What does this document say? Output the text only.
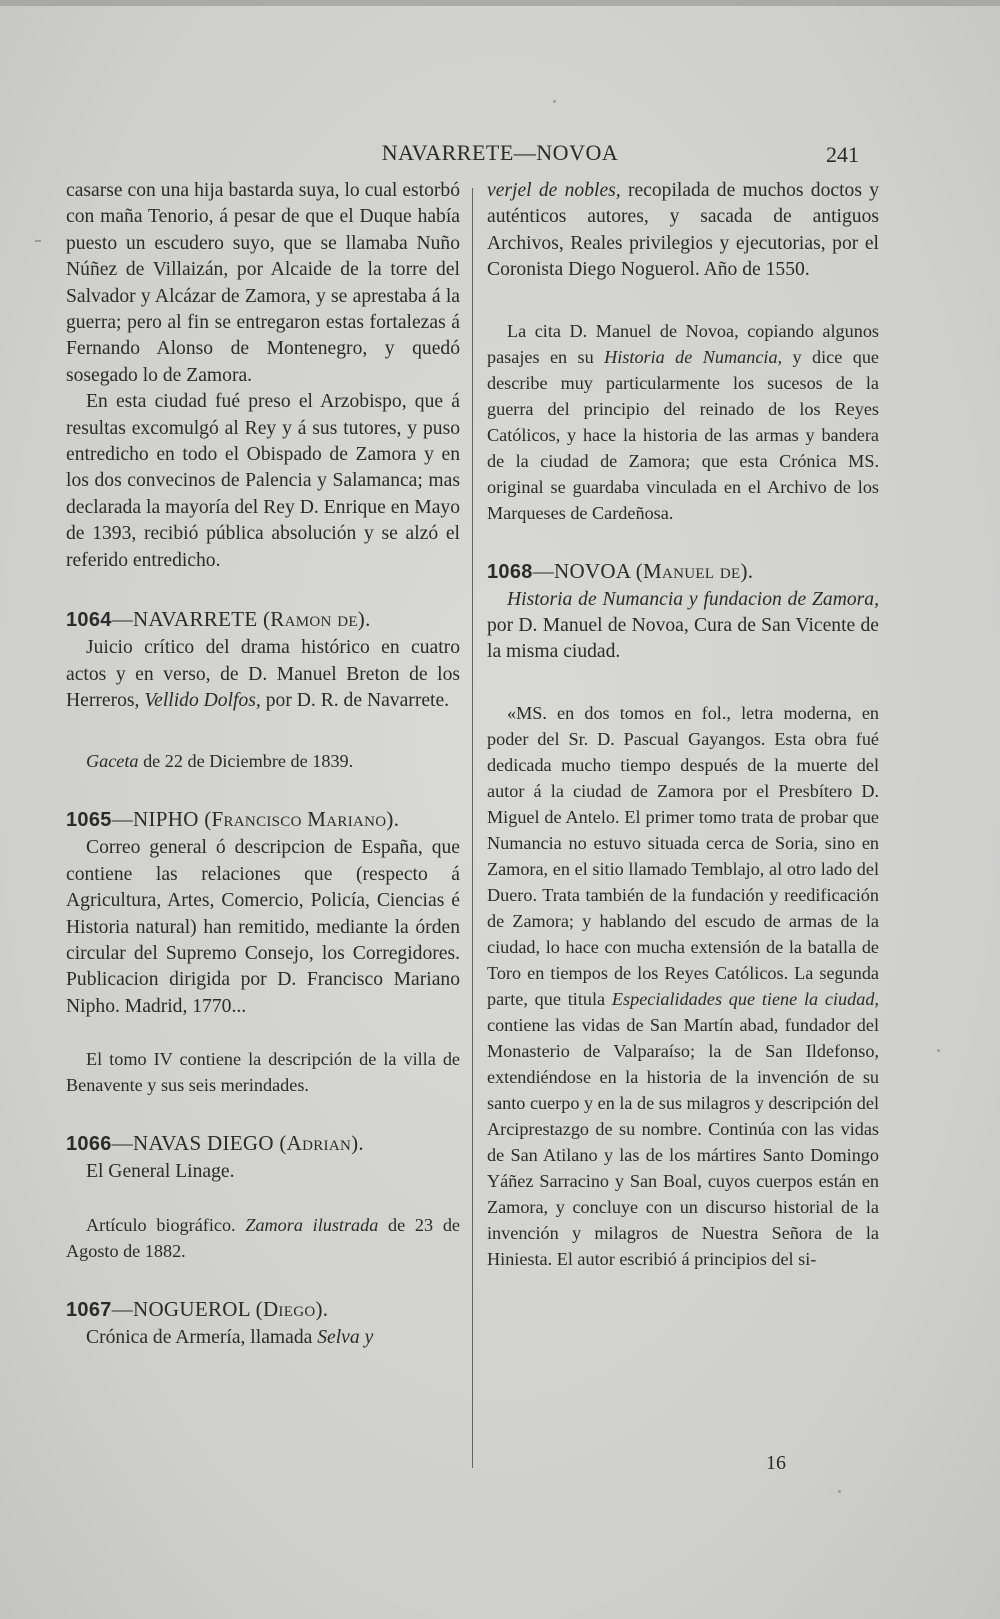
NAVARRETE—NOVOA	241

casarse con una hija bastarda suya, lo cual estorbó con maña Tenorio, á pesar de que el Duque había puesto un escudero suyo, que se llamaba Nuño Núñez de Villaizán, por Alcaide de la torre del Salvador y Alcázar de Zamora, y se aprestaba á la guerra; pero al fin se entregaron estas fortalezas á Fernando Alonso de Montenegro, y quedó sosegado lo de Zamora.

En esta ciudad fué preso el Arzobispo, que á resultas excomulgó al Rey y á sus tutores, y puso entredicho en todo el Obispado de Zamora y en los dos convecinos de Palencia y Salamanca; mas declarada la mayoría del Rey D. Enrique en Mayo de 1393, recibió pública absolución y se alzó el referido entredicho.

1064—NAVARRETE (Ramon de).

Juicio crítico del drama histórico en cuatro actos y en verso, de D. Manuel Breton de los Herreros, Vellido Dolfos, por D. R. de Navarrete.

Gaceta de 22 de Diciembre de 1839.

1065—NIPHO (Francisco Mariano).

Correo general ó descripcion de España, que contiene las relaciones que (respecto á Agricultura, Artes, Comercio, Policía, Ciencias é Historia natural) han remitido, mediante la órden circular del Supremo Consejo, los Corregidores. Publicacion dirigida por D. Francisco Mariano Nipho. Madrid, 1770...

El tomo IV contiene la descripción de la villa de Benavente y sus seis merindades.

1066—NAVAS DIEGO (Adrian).

El General Linage.

Artículo biográfico. Zamora ilustrada de 23 de Agosto de 1882.

1067—NOGUEROL (Diego).

Crónica de Armería, llamada Selva y

verjel de nobles, recopilada de muchos doctos y auténticos autores, y sacada de antiguos Archivos, Reales privilegios y ejecutorias, por el Coronista Diego Noguerol. Año de 1550.

La cita D. Manuel de Novoa, copiando algunos pasajes en su Historia de Numancia, y dice que describe muy particularmente los sucesos de la guerra del principio del reinado de los Reyes Católicos, y hace la historia de las armas y bandera de la ciudad de Zamora; que esta Crónica MS. original se guardaba vinculada en el Archivo de los Marqueses de Cardeñosa.

1068—NOVOA (Manuel de).

Historia de Numancia y fundacion de Zamora, por D. Manuel de Novoa, Cura de San Vicente de la misma ciudad.

«MS. en dos tomos en fol., letra moderna, en poder del Sr. D. Pascual Gayangos. Esta obra fué dedicada mucho tiempo después de la muerte del autor á la ciudad de Zamora por el Presbítero D. Miguel de Antelo. El primer tomo trata de probar que Numancia no estuvo situada cerca de Soria, sino en Zamora, en el sitio llamado Temblajo, al otro lado del Duero. Trata también de la fundación y reedificación de Zamora; y hablando del escudo de armas de la ciudad, lo hace con mucha extensión de la batalla de Toro en tiempos de los Reyes Católicos. La segunda parte, que titula Especialidades que tiene la ciudad, contiene las vidas de San Martín abad, fundador del Monasterio de Valparaíso; la de San Ildefonso, extendiéndose en la historia de la invención de su santo cuerpo y en la de sus milagros y descripción del Arciprestazgo de su nombre. Continúa con las vidas de San Atilano y las de los mártires Santo Domingo Yáñez Sarracino y San Boal, cuyos cuerpos están en Zamora, y concluye con un discurso historial de la invención y milagros de Nuestra Señora de la Hiniesta. El autor escribió á principios del si-

16
